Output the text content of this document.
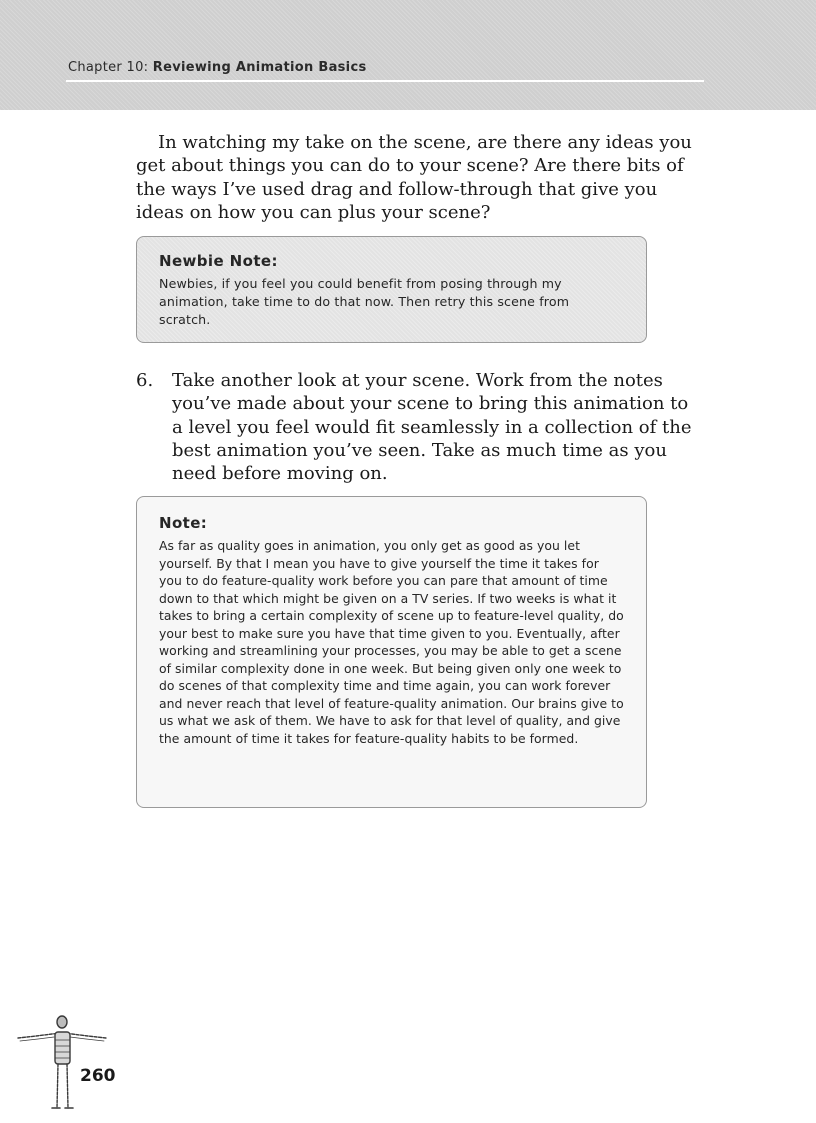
Chapter 10: Reviewing Animation Basics

In watching my take on the scene, are there any ideas you get about things you can do to your scene? Are there bits of the ways I’ve used drag and follow-through that give you ideas on how you can plus your scene?

Newbie Note:

Newbies, if you feel you could benefit from posing through my animation, take time to do that now. Then retry this scene from scratch.

6. Take another look at your scene. Work from the notes you’ve made about your scene to bring this animation to a level you feel would fit seamlessly in a collection of the best animation you’ve seen. Take as much time as you need before moving on.

Note:

As far as quality goes in animation, you only get as good as you let yourself. By that I mean you have to give yourself the time it takes for you to do feature-quality work before you can pare that amount of time down to that which might be given on a TV series. If two weeks is what it takes to bring a certain complexity of scene up to feature-level quality, do your best to make sure you have that time given to you. Eventually, after working and streamlining your processes, you may be able to get a scene of similar complexity done in one week. But being given only one week to do scenes of that complexity time and time again, you can work forever and never reach that level of feature-quality animation. Our brains give to us what we ask of them. We have to ask for that level of quality, and give the amount of time it takes for feature-quality habits to be formed.

260
